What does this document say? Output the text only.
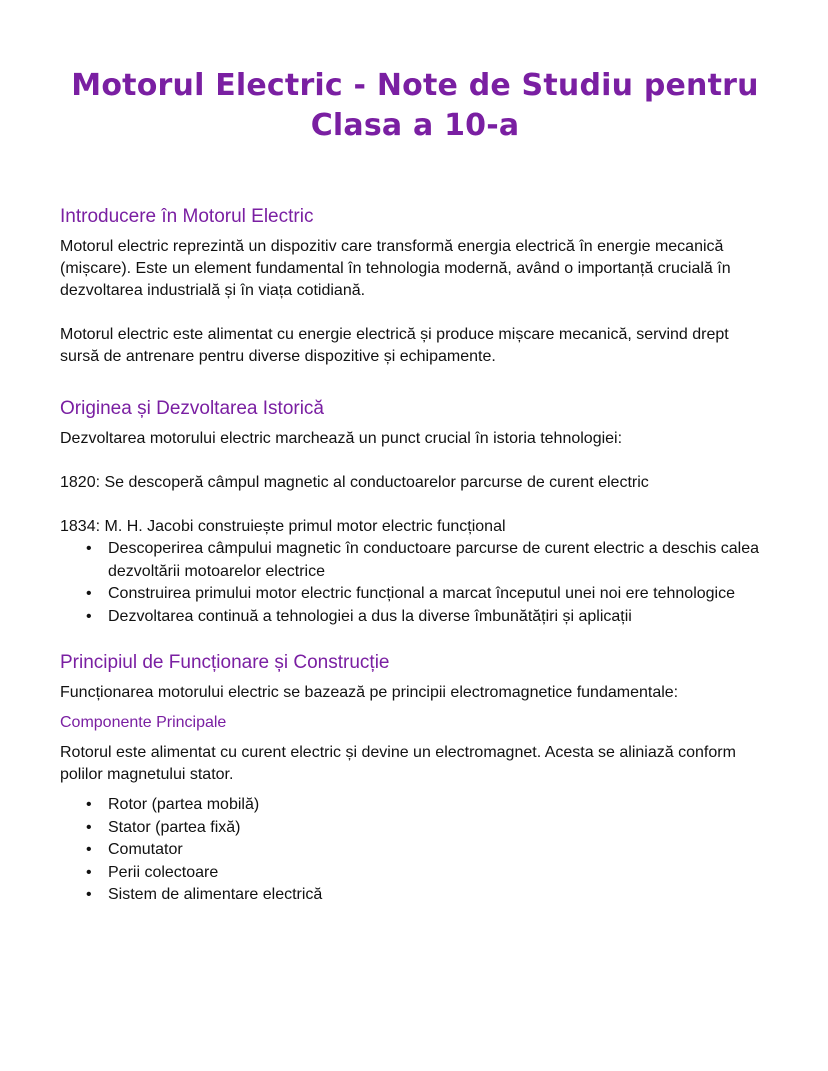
Motorul Electric - Note de Studiu pentru Clasa a 10-a
Introducere în Motorul Electric

Motorul electric reprezintă un dispozitiv care transformă energia electrică în energie mecanică (mișcare). Este un element fundamental în tehnologia modernă, având o importanță crucială în dezvoltarea industrială și în viața cotidiană.

Motorul electric este alimentat cu energie electrică și produce mișcare mecanică, servind drept sursă de antrenare pentru diverse dispozitive și echipamente.

Originea și Dezvoltarea Istorică

Dezvoltarea motorului electric marchează un punct crucial în istoria tehnologiei:

1820: Se descoperă câmpul magnetic al conductoarelor parcurse de curent electric

1834: M. H. Jacobi construiește primul motor electric funcțional

• Descoperirea câmpului magnetic în conductoare parcurse de curent electric a deschis calea dezvoltării motoarelor electrice
• Construirea primului motor electric funcțional a marcat începutul unei noi ere tehnologice
• Dezvoltarea continuă a tehnologiei a dus la diverse îmbunătățiri și aplicații
Principiul de Funcționare și Construcție

Funcționarea motorului electric se bazează pe principii electromagnetice fundamentale:

Componente Principale

Rotorul este alimentat cu curent electric și devine un electromagnet. Acesta se aliniază conform polilor magnetului stator.

• Rotor (partea mobilă)
• Stator (partea fixă)
• Comutator
• Perii colectoare
• Sistem de alimentare electrică
